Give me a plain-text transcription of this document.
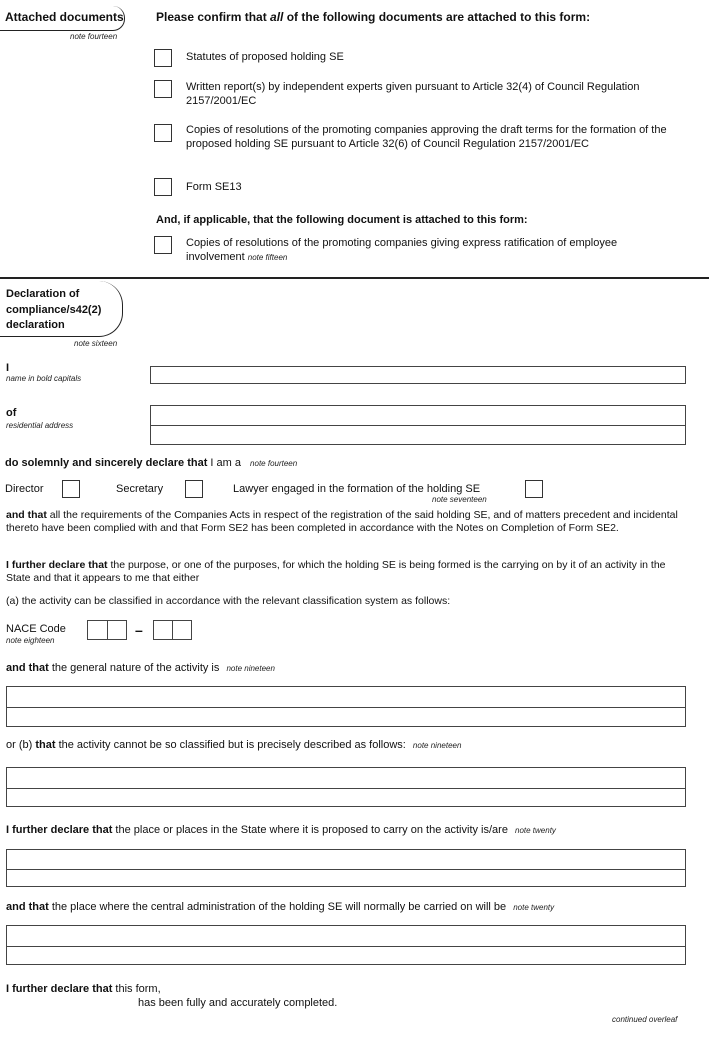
Attached documents
note fourteen
Please confirm that all of the following documents are attached to this form:
Statutes of proposed holding SE
Written report(s) by independent experts given pursuant to Article 32(4) of Council Regulation 2157/2001/EC
Copies of resolutions of the promoting companies approving the draft terms for the formation of the proposed holding SE pursuant to Article 32(6) of Council Regulation 2157/2001/EC
Form SE13
And, if applicable, that the following document is attached to this form:
Copies of resolutions of the promoting companies giving express ratification of employee involvement note fifteen
Declaration of
compliance/s42(2)
declaration
note sixteen
I
name in bold capitals
of
residential address
do solemnly and sincerely declare that I am a note fourteen
Director	Secretary	Lawyer engaged in the formation of the holding SE
note seventeen
and that all the requirements of the Companies Acts in respect of the registration of the said holding SE, and of matters precedent and incidental thereto have been complied with and that Form SE2 has been completed in accordance with the Notes on Completion of Form SE2.
I further declare that the purpose, or one of the purposes, for which the holding SE is being formed is the carrying on by it of an activity in the State and that it appears to me that either
(a) the activity can be classified in accordance with the relevant classification system as follows:
NACE Code
note eighteen
–
and that the general nature of the activity is note nineteen
or (b) that the activity cannot be so classified but is precisely described as follows: note nineteen
I further declare that the place or places in the State where it is proposed to carry on the activity is/are note twenty
and that the place where the central administration of the holding SE will normally be carried on will be note twenty
I further declare that this form,
has been fully and accurately completed.
continued overleaf
